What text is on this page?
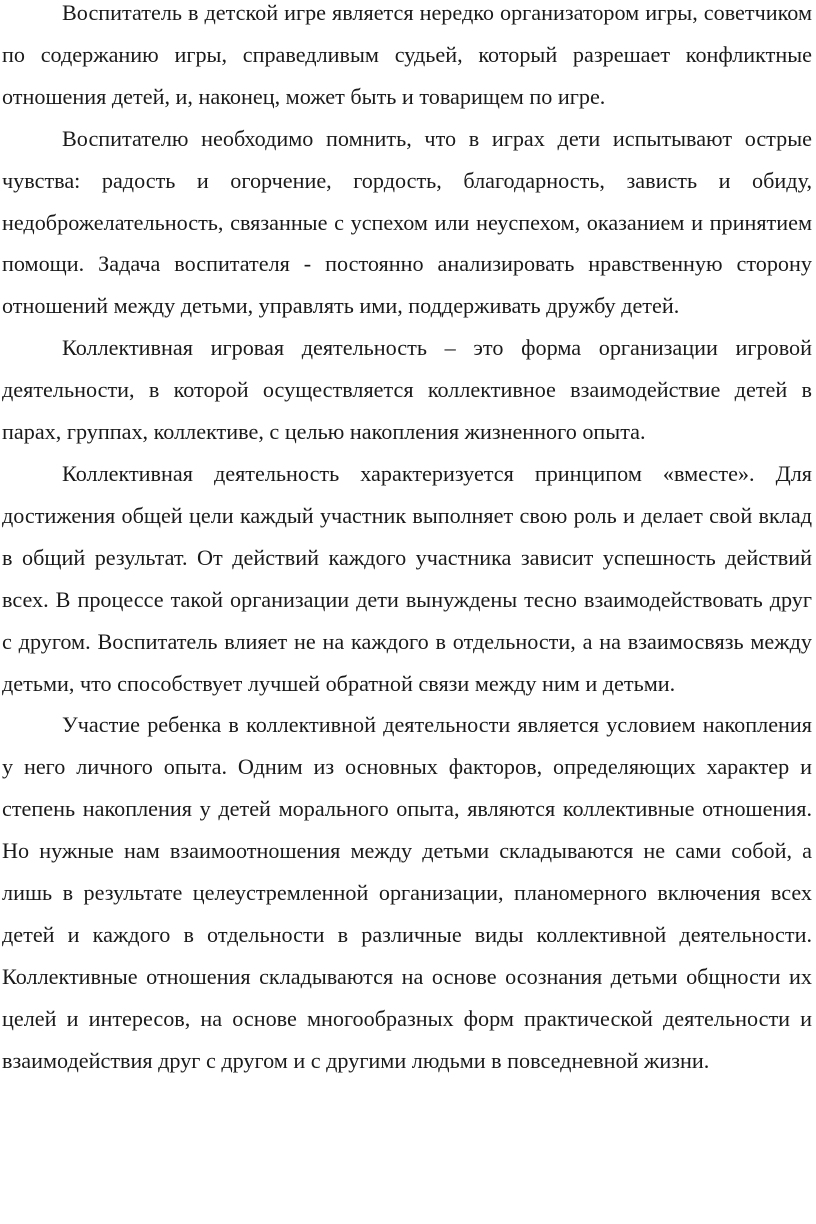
Воспитатель в детской игре является нередко организатором игры, советчиком по содержанию игры, справедливым судьей, который разрешает конфликтные отношения детей, и, наконец, может быть и товарищем по игре.

Воспитателю необходимо помнить, что в играх дети испытывают острые чувства: радость и огорчение, гордость, благодарность, зависть и обиду, недоброжелательность, связанные с успехом или неуспехом, оказанием и принятием помощи. Задача воспитателя - постоянно анализировать нравственную сторону отношений между детьми, управлять ими, поддерживать дружбу детей.

Коллективная игровая деятельность – это форма организации игровой деятельности, в которой осуществляется коллективное взаимодействие детей в парах, группах, коллективе, с целью накопления жизненного опыта.

Коллективная деятельность характеризуется принципом «вместе». Для достижения общей цели каждый участник выполняет свою роль и делает свой вклад в общий результат. От действий каждого участника зависит успешность действий всех. В процессе такой организации дети вынуждены тесно взаимодействовать друг с другом. Воспитатель влияет не на каждого в отдельности, а на взаимосвязь между детьми, что способствует лучшей обратной связи между ним и детьми.

Участие ребенка в коллективной деятельности является условием накопления у него личного опыта. Одним из основных факторов, определяющих характер и степень накопления у детей морального опыта, являются коллективные отношения. Но нужные нам взаимоотношения между детьми складываются не сами собой, а лишь в результате целеустремленной организации, планомерного включения всех детей и каждого в отдельности в различные виды коллективной деятельности. Коллективные отношения складываются на основе осознания детьми общности их целей и интересов, на основе многообразных форм практической деятельности и взаимодействия друг с другом и с другими людьми в повседневной жизни.
